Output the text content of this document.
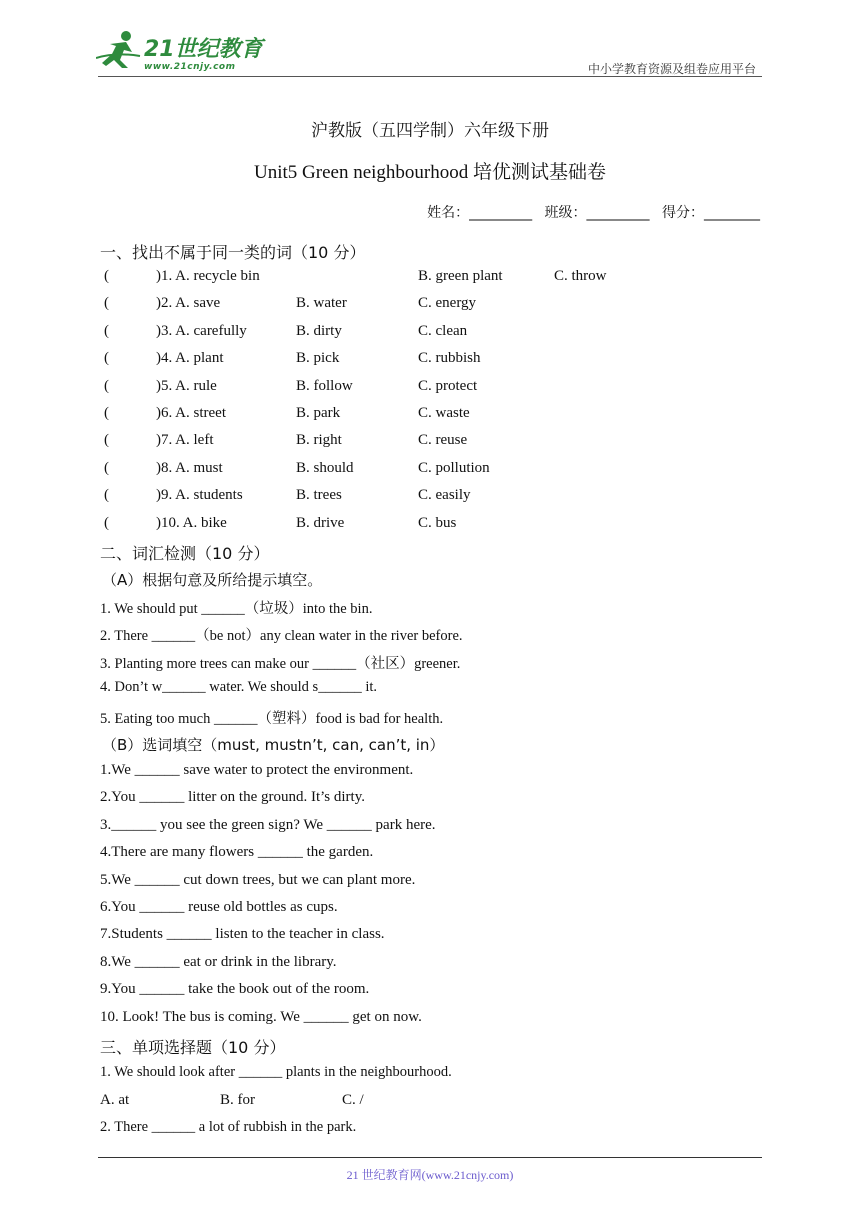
21世纪教育
www.21cnjy.com	中小学教育资源及组卷应用平台
沪教版（五四学制）六年级下册
Unit5 Green neighbourhood 培优测试基础卷
姓名：_________ 班级：_________ 得分：________
一、找出不属于同一类的词（10 分）
(	)1. A. recycle bin	B. green plant	C. throw
(	)2. A. save	B. water	C. energy
(	)3. A. carefully	B. dirty	C. clean
(	)4. A. plant	B. pick	C. rubbish
(	)5. A. rule	B. follow	C. protect
(	)6. A. street	B. park	C. waste
(	)7. A. left	B. right	C. reuse
(	)8. A. must	B. should	C. pollution
(	)9. A. students	B. trees	C. easily
(	)10. A. bike	B. drive	C. bus
二、词汇检测（10 分）
（A）根据句意及所给提示填空。
1. We should put ______（垃圾）into the bin.
2. There ______（be not）any clean water in the river before.
3. Planting more trees can make our ______（社区）greener.
4. Don’t w______ water. We should s______ it.
5. Eating too much ______（塑料）food is bad for health.
（B）选词填空（must, mustn’t, can, can’t, in）
1.We ______ save water to protect the environment.
2.You ______ litter on the ground. It’s dirty.
3.______ you see the green sign? We ______ park here.
4.There are many flowers ______ the garden.
5.We ______ cut down trees, but we can plant more.
6.You ______ reuse old bottles as cups.
7.Students ______ listen to the teacher in class.
8.We ______ eat or drink in the library.
9.You ______ take the book out of the room.
10. Look! The bus is coming. We ______ get on now.
三、单项选择题（10 分）
1. We should look after ______ plants in the neighbourhood.
A. at	B. for	C. /
2. There ______ a lot of rubbish in the park.
21 世纪教育网(www.21cnjy.com)
